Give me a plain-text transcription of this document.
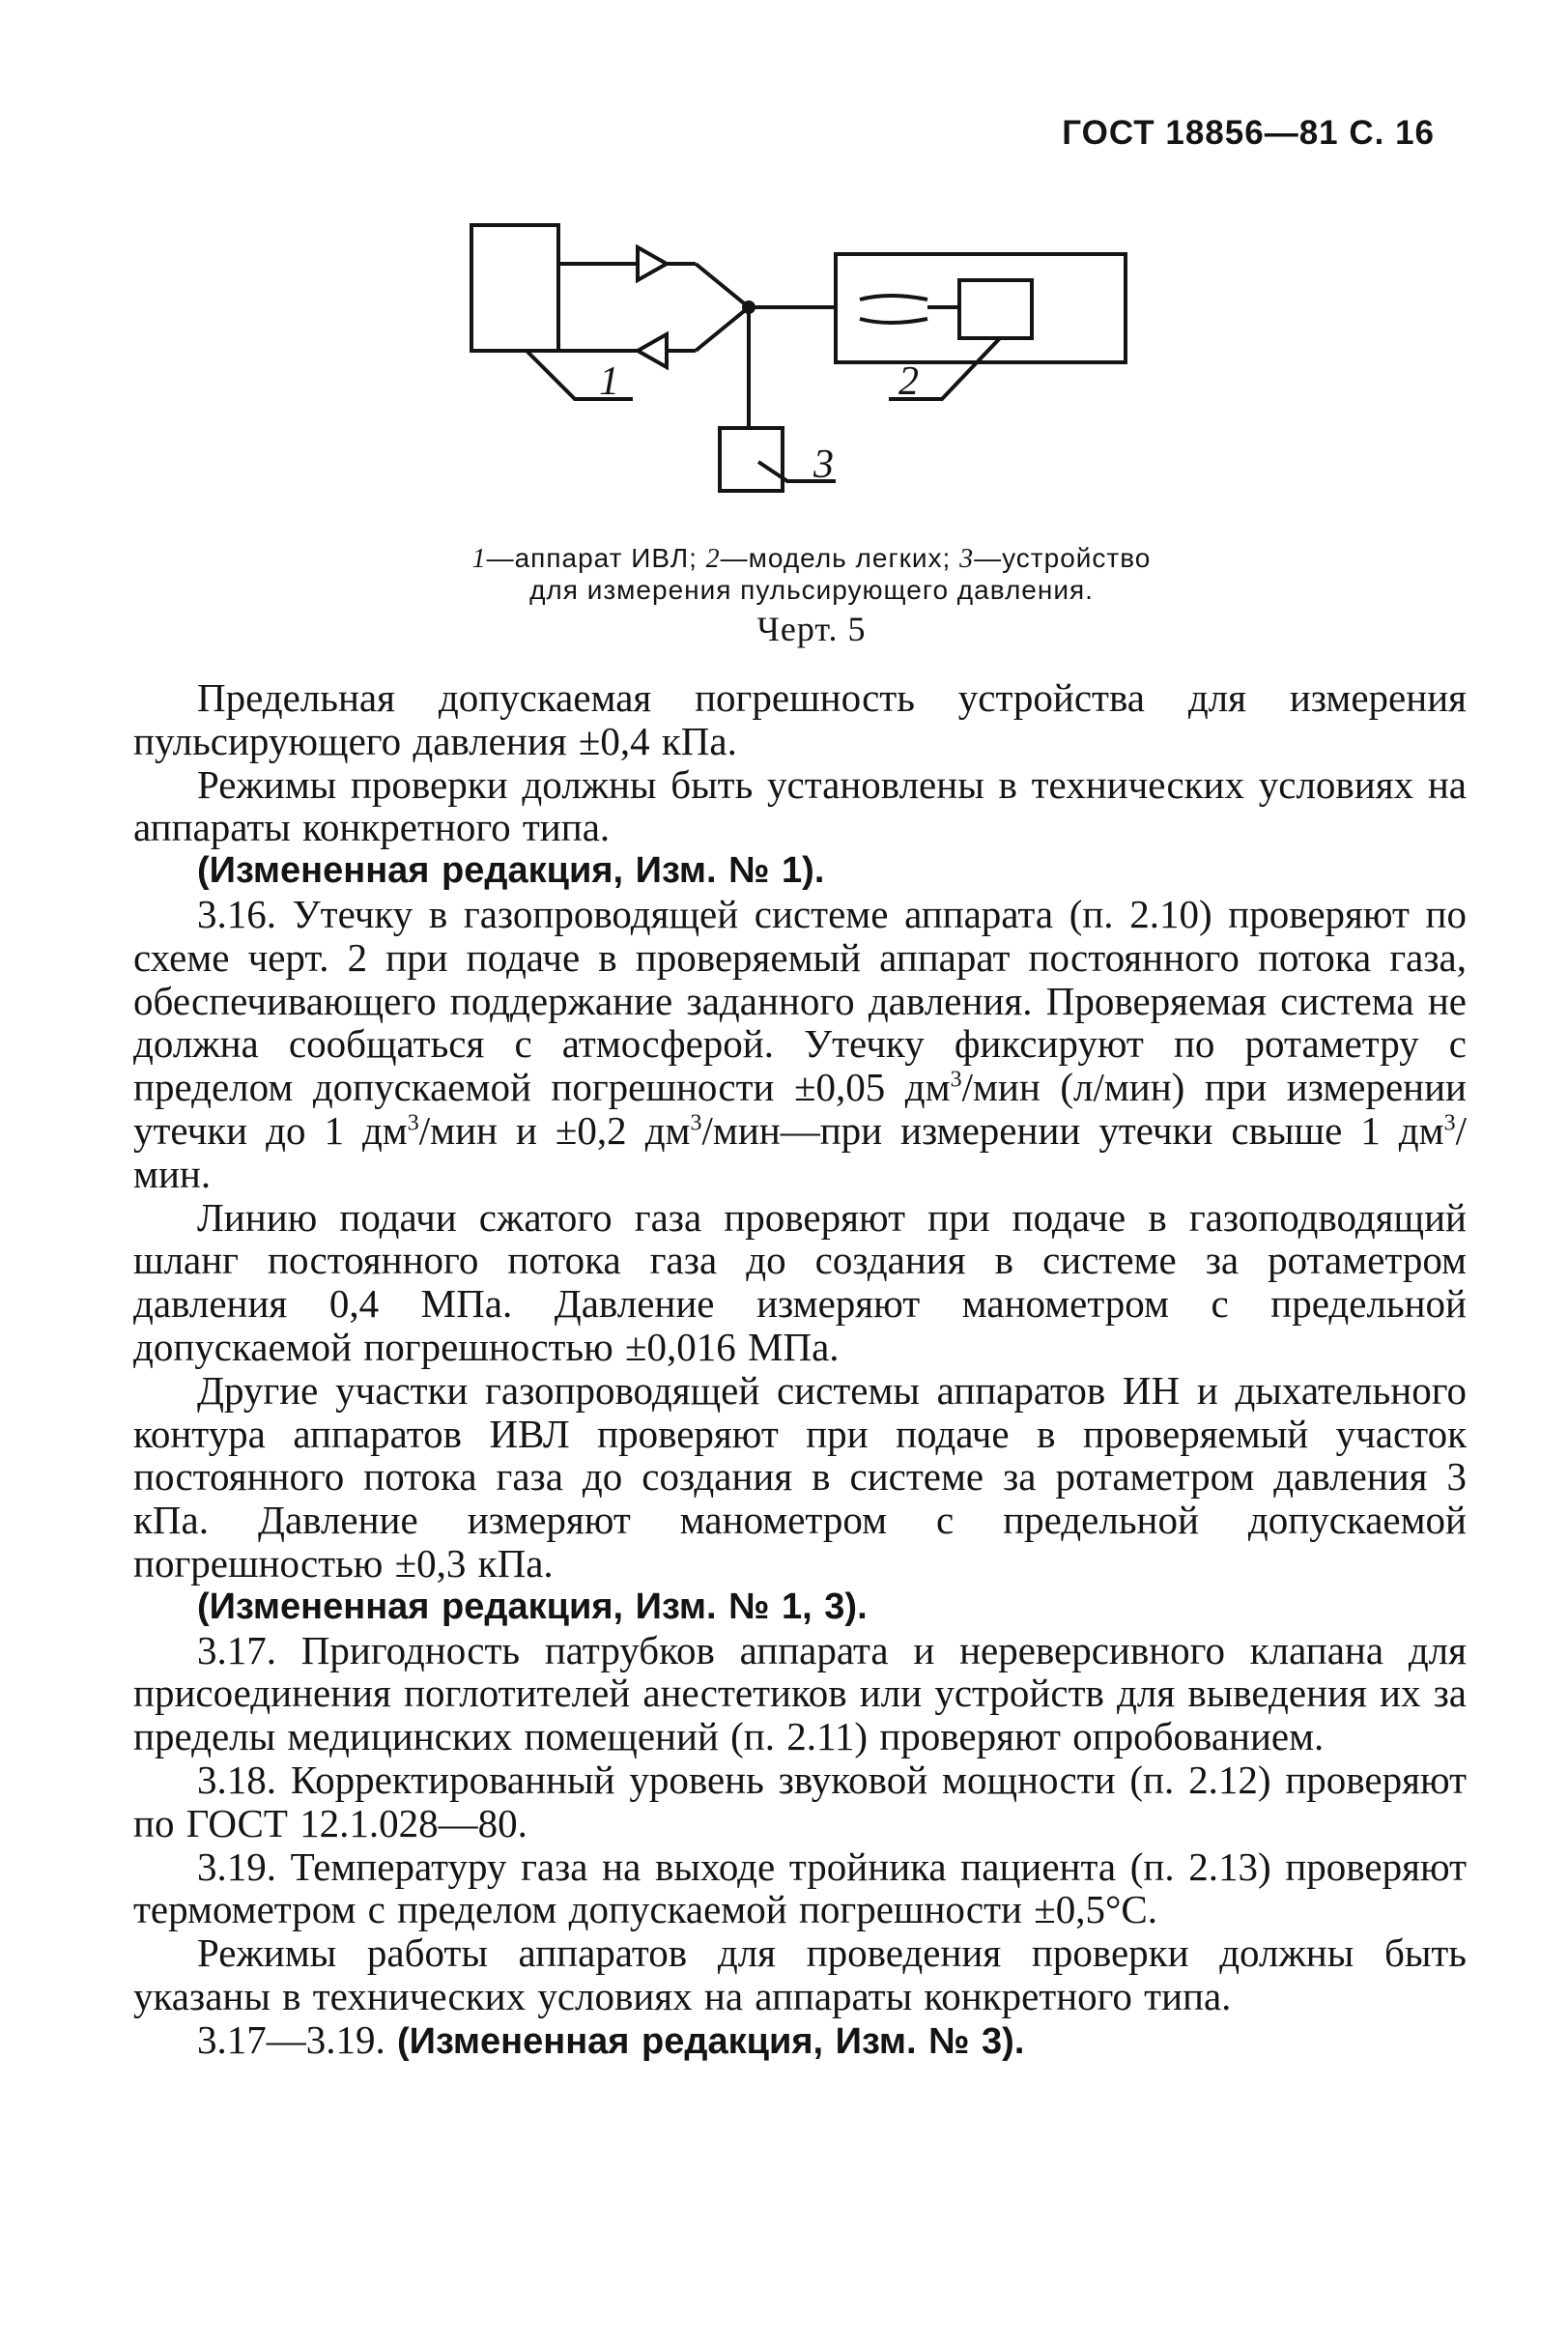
ГОСТ 18856—81 С. 16
1	2
3
1—аппарат ИВЛ; 2—модель легких; 3—устройство для измерения пульсирующего давления.
Черт. 5

Предельная допускаемая погрешность устройства для измерения пульсирующего давления ±0,4 кПа.

Режимы проверки должны быть установлены в технических условиях на аппараты конкретного типа.

(Измененная редакция, Изм. № 1).

3.16. Утечку в газопроводящей системе аппарата (п. 2.10) проверяют по схеме черт. 2 при подаче в проверяемый аппарат постоянного потока газа, обеспечивающего поддержание заданного давления. Проверяемая система не должна сообщаться с атмосферой. Утечку фиксируют по ротаметру с пределом допускаемой погрешности ±0,05 $дм^3$/мин (л/мин) при измерении утечки до 1 $дм^3$/мин и ±0,2 $дм^3/мин—при$ измерении утечки свыше 1 $дм^3$/мин.

Линию подачи сжатого газа проверяют при подаче в газоподводящий шланг постоянного потока газа до создания в системе за ротаметром давления 0,4 МПа. Давление измеряют манометром с предельной допускаемой погрешностью ±0,016 МПа.

Другие участки газопроводящей системы аппаратов ИН и дыхательного контура аппаратов ИВЛ проверяют при подаче в проверяемый участок постоянного потока газа до создания в системе за ротаметром давления 3 кПа. Давление измеряют манометром с предельной допускаемой погрешностью ±0,3 кПа.

(Измененная редакция, Изм. № 1, 3).

3.17. Пригодность патрубков аппарата и нереверсивного клапана для присоединения поглотителей анестетиков или устройств для выведения их за пределы медицинских помещений (п. 2.11) проверяют опробованием.

3.18. Корректированный уровень звуковой мощности (п. 2.12) проверяют по ГОСТ 12.1.028—80.

3.19. Температуру газа на выходе тройника пациента (п. 2.13) проверяют термометром с пределом допускаемой погрешности ±0,5°С.

Режимы работы аппаратов для проведения проверки должны быть указаны в технических условиях на аппараты конкретного типа.

3.17—3.19. (Измененная редакция, Изм. № 3).
